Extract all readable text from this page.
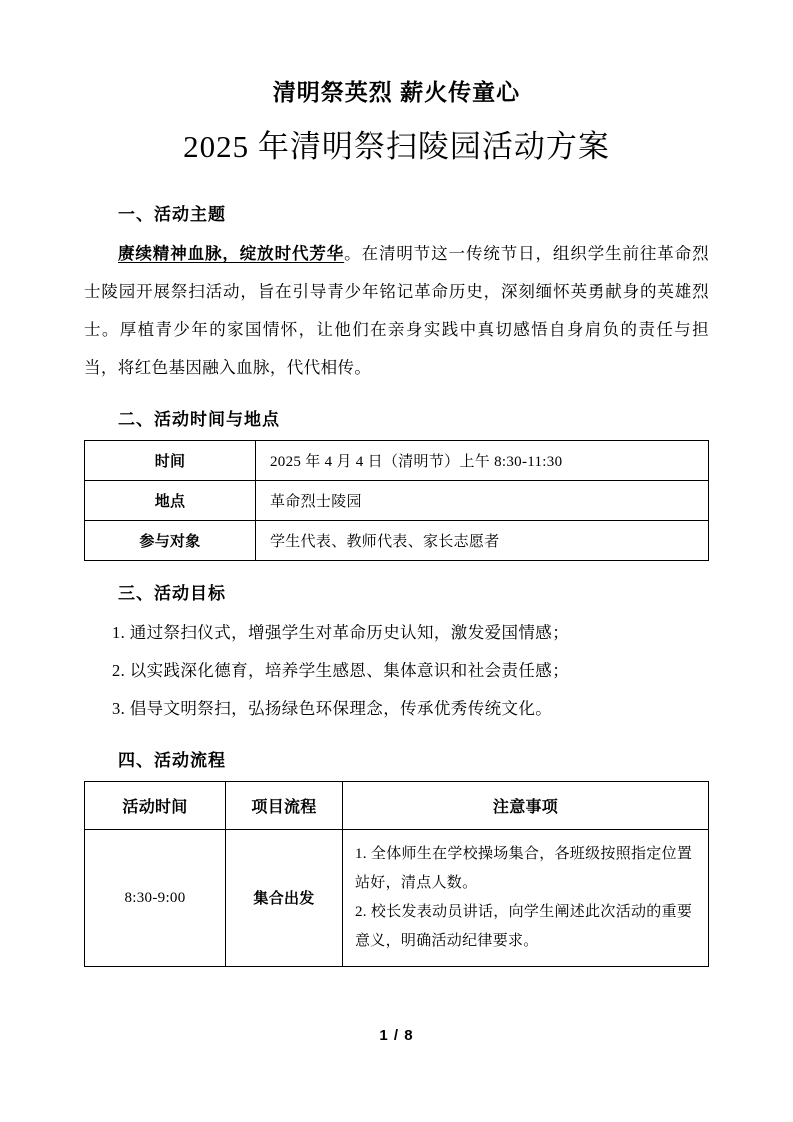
清明祭英烈 薪火传童心
2025 年清明祭扫陵园活动方案
一、活动主题

赓续精神血脉，绽放时代芳华。在清明节这一传统节日，组织学生前往革命烈士陵园开展祭扫活动，旨在引导青少年铭记革命历史，深刻缅怀英勇献身的英雄烈士。厚植青少年的家国情怀，让他们在亲身实践中真切感悟自身肩负的责任与担当，将红色基因融入血脉，代代相传。

二、活动时间与地点
时间	2025 年 4 月 4 日（清明节）上午 8:30-11:30
地点	革命烈士陵园
参与对象	学生代表、教师代表、家长志愿者
三、活动目标

1. 通过祭扫仪式，增强学生对革命历史认知，激发爱国情感；

2. 以实践深化德育，培养学生感恩、集体意识和社会责任感；

3. 倡导文明祭扫，弘扬绿色环保理念，传承优秀传统文化。

四、活动流程
活动时间	项目流程	注意事项
8:30-9:00	集合出发	1. 全体师生在学校操场集合，各班级按照指定位置站好，清点人数。
2. 校长发表动员讲话，向学生阐述此次活动的重要意义，明确活动纪律要求。
1 / 8
